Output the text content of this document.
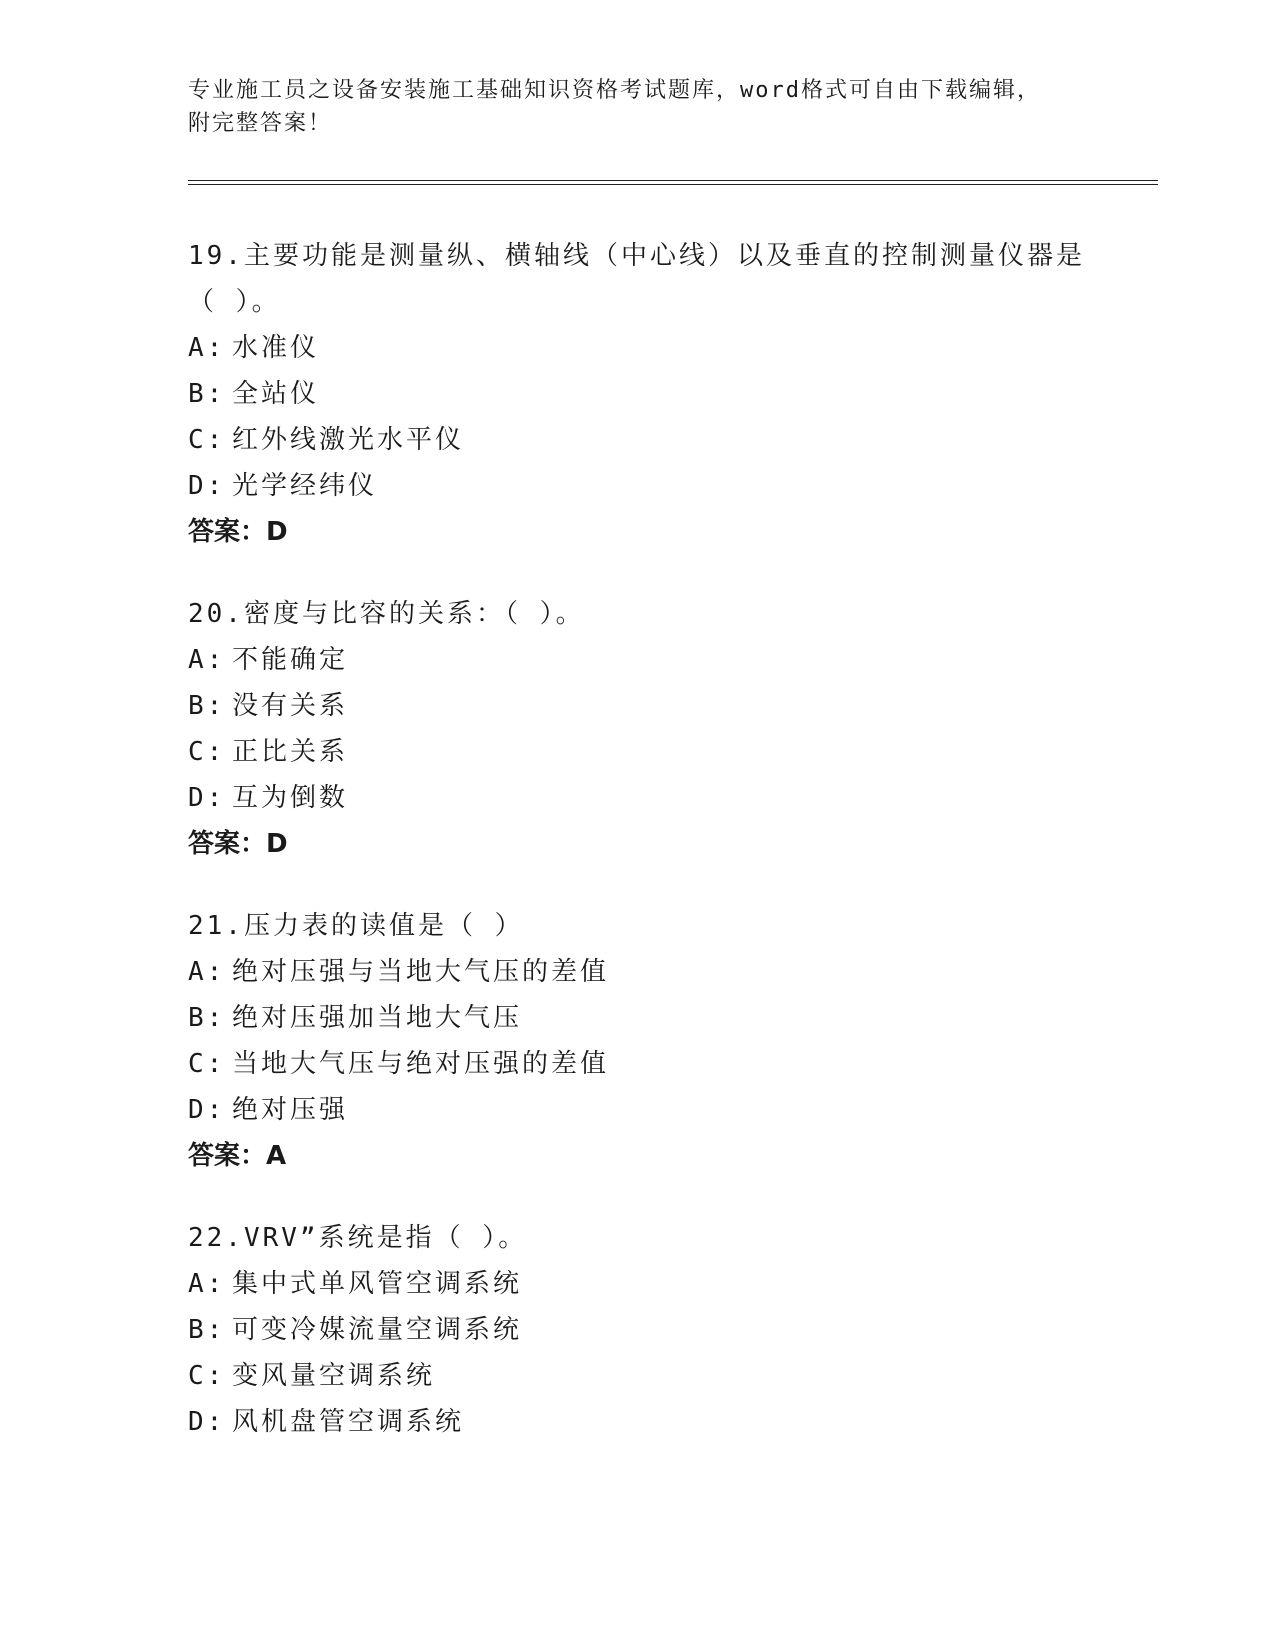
专业施工员之设备安装施工基础知识资格考试题库，word格式可自由下载编辑，
附完整答案！
19.主要功能是测量纵、横轴线（中心线）以及垂直的控制测量仪器是（ ）。
A: 水准仪
B: 全站仪
C: 红外线激光水平仪
D: 光学经纬仪
答案：D
20.密度与比容的关系：（ ）。
A: 不能确定
B: 没有关系
C: 正比关系
D: 互为倒数
答案：D
21.压力表的读值是（ ）
A: 绝对压强与当地大气压的差值
B: 绝对压强加当地大气压
C: 当地大气压与绝对压强的差值
D: 绝对压强
答案：A
22.VRV”系统是指（ ）。
A: 集中式单风管空调系统
B: 可变冷媒流量空调系统
C: 变风量空调系统
D: 风机盘管空调系统
